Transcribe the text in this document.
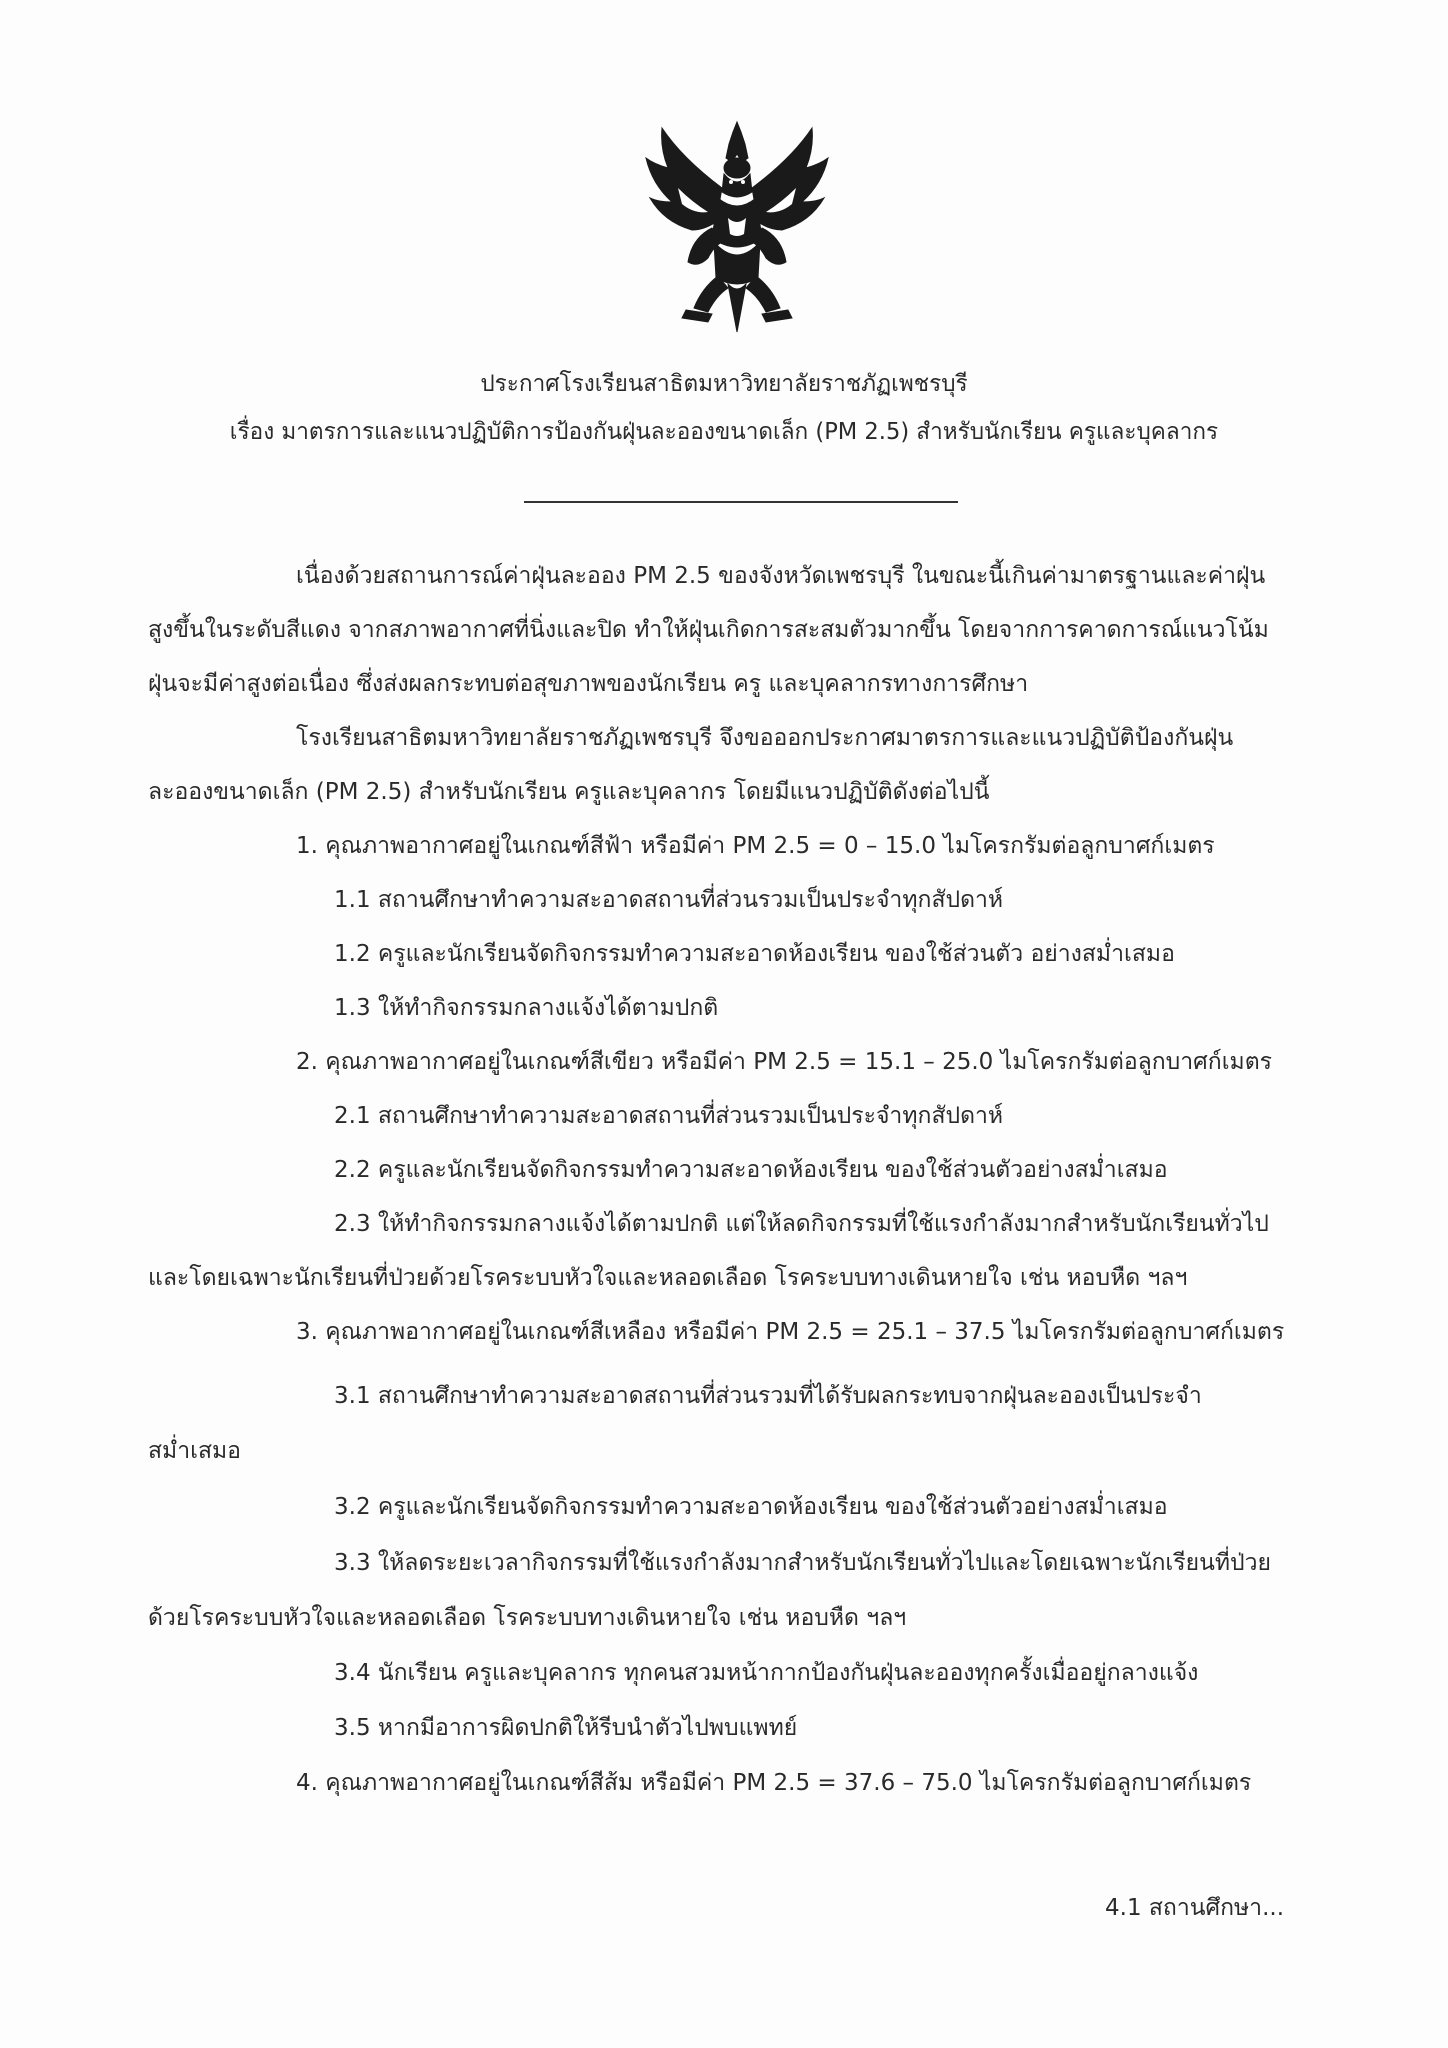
ประกาศโรงเรียนสาธิตมหาวิทยาลัยราชภัฏเพชรบุรี
เรื่อง มาตรการและแนวปฏิบัติการป้องกันฝุ่นละอองขนาดเล็ก (PM 2.5) สำหรับนักเรียน ครูและบุคลากร
เนื่องด้วยสถานการณ์ค่าฝุ่นละออง PM 2.5 ของจังหวัดเพชรบุรี ในขณะนี้เกินค่ามาตรฐานและค่าฝุ่น
สูงขึ้นในระดับสีแดง จากสภาพอากาศที่นิ่งและปิด ทำให้ฝุ่นเกิดการสะสมตัวมากขึ้น โดยจากการคาดการณ์แนวโน้ม
ฝุ่นจะมีค่าสูงต่อเนื่อง ซึ่งส่งผลกระทบต่อสุขภาพของนักเรียน ครู และบุคลากรทางการศึกษา
โรงเรียนสาธิตมหาวิทยาลัยราชภัฏเพชรบุรี จึงขอออกประกาศมาตรการและแนวปฏิบัติป้องกันฝุ่น
ละอองขนาดเล็ก (PM 2.5) สำหรับนักเรียน ครูและบุคลากร โดยมีแนวปฏิบัติดังต่อไปนี้
1. คุณภาพอากาศอยู่ในเกณฑ์สีฟ้า หรือมีค่า PM 2.5 = 0 – 15.0 ไมโครกรัมต่อลูกบาศก์เมตร
1.1 สถานศึกษาทำความสะอาดสถานที่ส่วนรวมเป็นประจำทุกสัปดาห์
1.2 ครูและนักเรียนจัดกิจกรรมทำความสะอาดห้องเรียน ของใช้ส่วนตัว อย่างสม่ำเสมอ
1.3 ให้ทำกิจกรรมกลางแจ้งได้ตามปกติ
2. คุณภาพอากาศอยู่ในเกณฑ์สีเขียว หรือมีค่า PM 2.5 = 15.1 – 25.0 ไมโครกรัมต่อลูกบาศก์เมตร
2.1 สถานศึกษาทำความสะอาดสถานที่ส่วนรวมเป็นประจำทุกสัปดาห์
2.2 ครูและนักเรียนจัดกิจกรรมทำความสะอาดห้องเรียน ของใช้ส่วนตัวอย่างสม่ำเสมอ
2.3 ให้ทำกิจกรรมกลางแจ้งได้ตามปกติ แต่ให้ลดกิจกรรมที่ใช้แรงกำลังมากสำหรับนักเรียนทั่วไป
และโดยเฉพาะนักเรียนที่ป่วยด้วยโรคระบบหัวใจและหลอดเลือด โรคระบบทางเดินหายใจ เช่น หอบหืด ฯลฯ
3. คุณภาพอากาศอยู่ในเกณฑ์สีเหลือง หรือมีค่า PM 2.5 = 25.1 – 37.5 ไมโครกรัมต่อลูกบาศก์เมตร
3.1 สถานศึกษาทำความสะอาดสถานที่ส่วนรวมที่ได้รับผลกระทบจากฝุ่นละอองเป็นประจำ
สม่ำเสมอ
3.2 ครูและนักเรียนจัดกิจกรรมทำความสะอาดห้องเรียน ของใช้ส่วนตัวอย่างสม่ำเสมอ
3.3 ให้ลดระยะเวลากิจกรรมที่ใช้แรงกำลังมากสำหรับนักเรียนทั่วไปและโดยเฉพาะนักเรียนที่ป่วย
ด้วยโรคระบบหัวใจและหลอดเลือด โรคระบบทางเดินหายใจ เช่น หอบหืด ฯลฯ
3.4 นักเรียน ครูและบุคลากร ทุกคนสวมหน้ากากป้องกันฝุ่นละอองทุกครั้งเมื่ออยู่กลางแจ้ง
3.5 หากมีอาการผิดปกติให้รีบนำตัวไปพบแพทย์
4. คุณภาพอากาศอยู่ในเกณฑ์สีส้ม หรือมีค่า PM 2.5 = 37.6 – 75.0 ไมโครกรัมต่อลูกบาศก์เมตร
4.1 สถานศึกษา...
